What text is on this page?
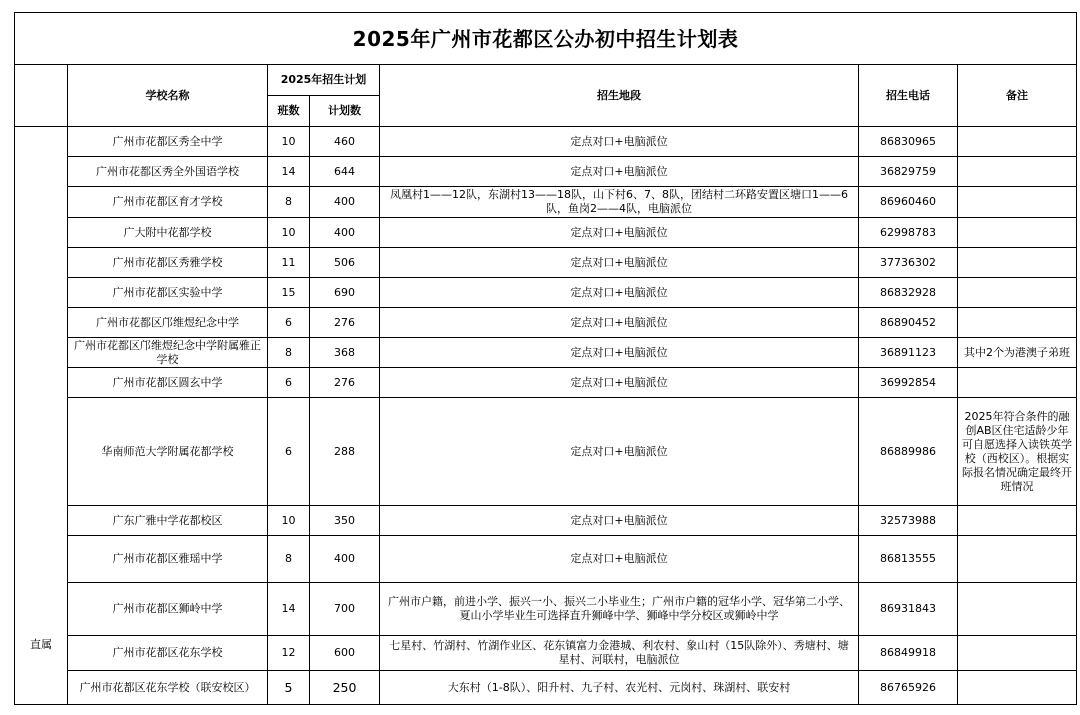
2025年广州市花都区公办初中招生计划表						
	学校名称	2025年招生计划		招生地段	招生电话	备注
		班数	计划数			
直属	广州市花都区秀全中学	10	460	定点对口+电脑派位	86830965	
	广州市花都区秀全外国语学校	14	644	定点对口+电脑派位	36829759	
	广州市花都区育才学校	8	400	凤凰村1——12队，东湖村13——18队，山下村6、7、8队，团结村二环路安置区塘口1——6队，鱼岗2——4队，电脑派位	86960460	
	广大附中花都学校	10	400	定点对口+电脑派位	62998783	
	广州市花都区秀雅学校	11	506	定点对口+电脑派位	37736302	
	广州市花都区实验中学	15	690	定点对口+电脑派位	86832928	
	广州市花都区邝维煜纪念中学	6	276	定点对口+电脑派位	86890452	
	广州市花都区邝维煜纪念中学附属雅正学校	8	368	定点对口+电脑派位	36891123	其中2个为港澳子弟班
	广州市花都区圆玄中学	6	276	定点对口+电脑派位	36992854	
	华南师范大学附属花都学校	6	288	定点对口+电脑派位	86889986	2025年符合条件的融创AB区住宅适龄少年可自愿选择入读铁英学校（西校区）。根据实际报名情况确定最终开班情况
	广东广雅中学花都校区	10	350	定点对口+电脑派位	32573988	
	广州市花都区雅瑶中学	8	400	定点对口+电脑派位	86813555	
	广州市花都区狮岭中学	14	700	广州市户籍，前进小学、振兴一小、振兴二小毕业生；广州市户籍的冠华小学、冠华第二小学、夏山小学毕业生可选择直升狮峰中学、狮峰中学分校区或狮岭中学	86931843	
	广州市花都区花东学校	12	600	七星村、竹湖村、竹湖作业区、花东镇富力金港城、利农村、象山村（15队除外）、秀塘村、塘星村、河联村，电脑派位	86849918	
	广州市花都区花东学校（联安校区）	5	250	大东村（1-8队）、阳升村、九子村、农光村、元岗村、珠湖村、联安村	86765926	
